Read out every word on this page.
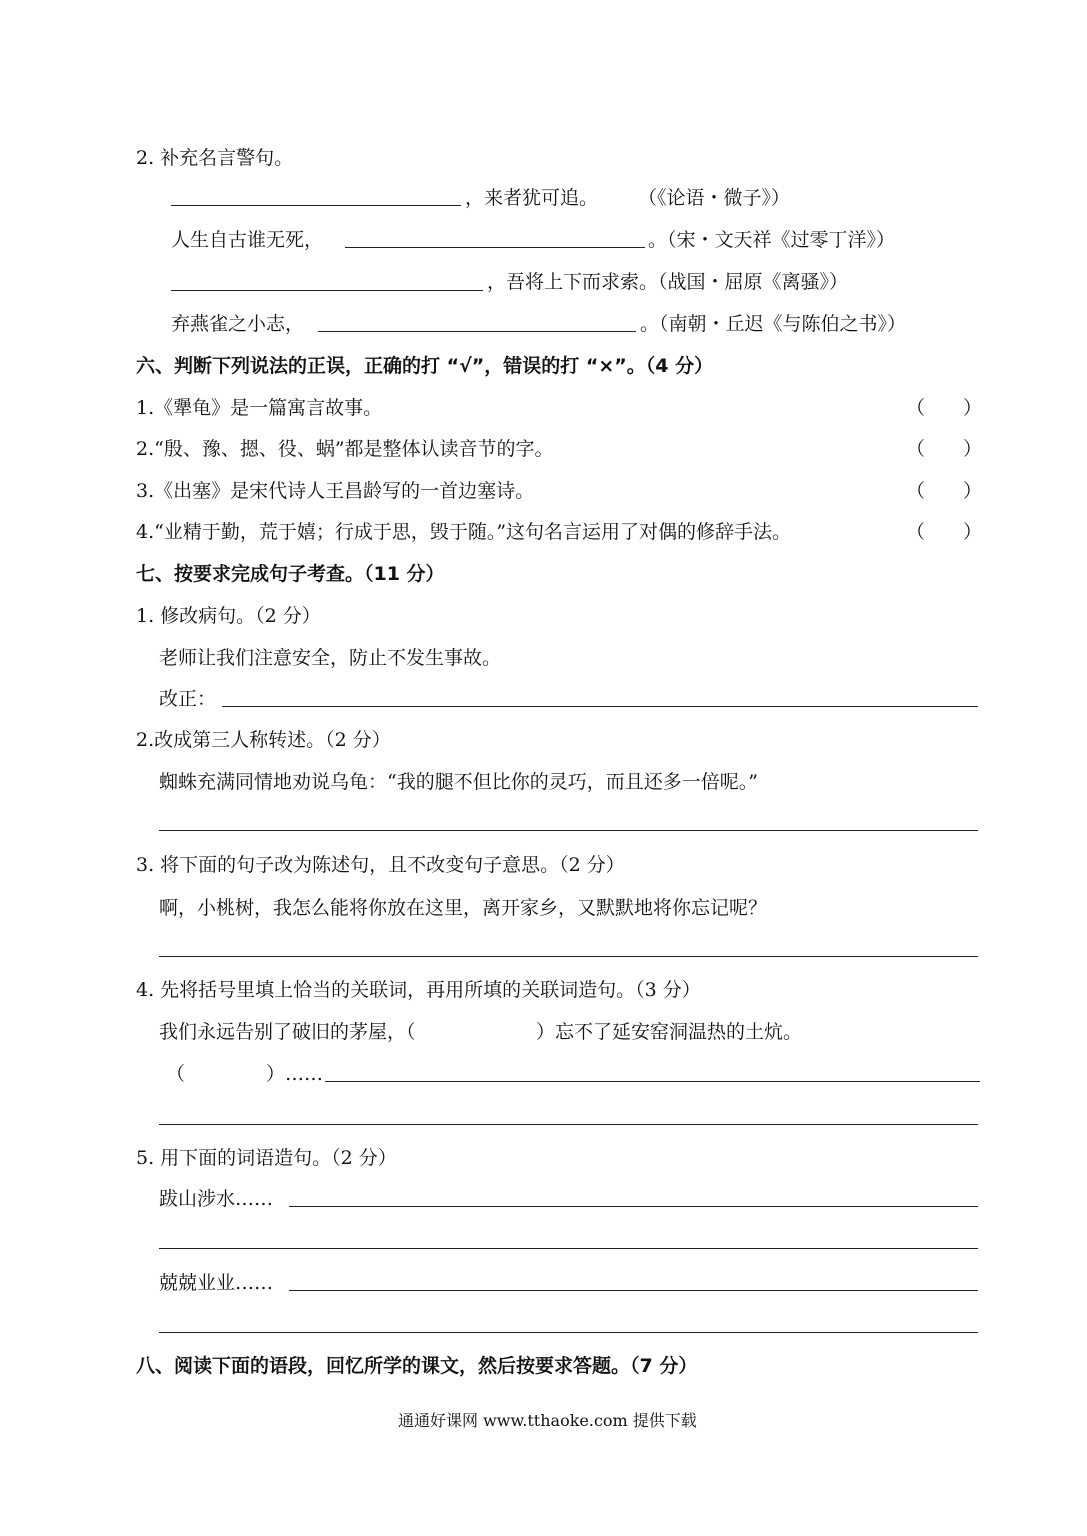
2. 补充名言警句。
，来者犹可追。 （《论语・微子》）
人生自古谁无死，	。（宋・文天祥《过零丁洋》）
，吾将上下而求索。（战国・屈原《离骚》）
弃燕雀之小志，	。（南朝・丘迟《与陈伯之书》）
六、判断下列说法的正误，正确的打 “√”，错误的打 “×”。（4 分）
1.《犟龟》是一篇寓言故事。	（　　）
2.“殷、豫、摁、役、蜗”都是整体认读音节的字。	（　　）
3.《出塞》是宋代诗人王昌龄写的一首边塞诗。	（　　）
4.“业精于勤，荒于嬉；行成于思，毁于随。”这句名言运用了对偶的修辞手法。	（　　）
七、按要求完成句子考查。（11 分）
1. 修改病句。（2 分）
老师让我们注意安全，防止不发生事故。
改正：
2.改成第三人称转述。（2 分）
蜘蛛充满同情地劝说乌龟：“我的腿不但比你的灵巧，而且还多一倍呢。”
3. 将下面的句子改为陈述句，且不改变句子意思。（2 分）
啊，小桃树，我怎么能将你放在这里，离开家乡，又默默地将你忘记呢？
4. 先将括号里填上恰当的关联词，再用所填的关联词造句。（3 分）
我们永远告别了破旧的茅屋，（	）忘不了延安窑洞温热的土炕。
（	）……
5. 用下面的词语造句。（2 分）
跋山涉水……
兢兢业业……
八、阅读下面的语段，回忆所学的课文，然后按要求答题。（7 分）
通通好课网 www.tthaoke.com 提供下载
